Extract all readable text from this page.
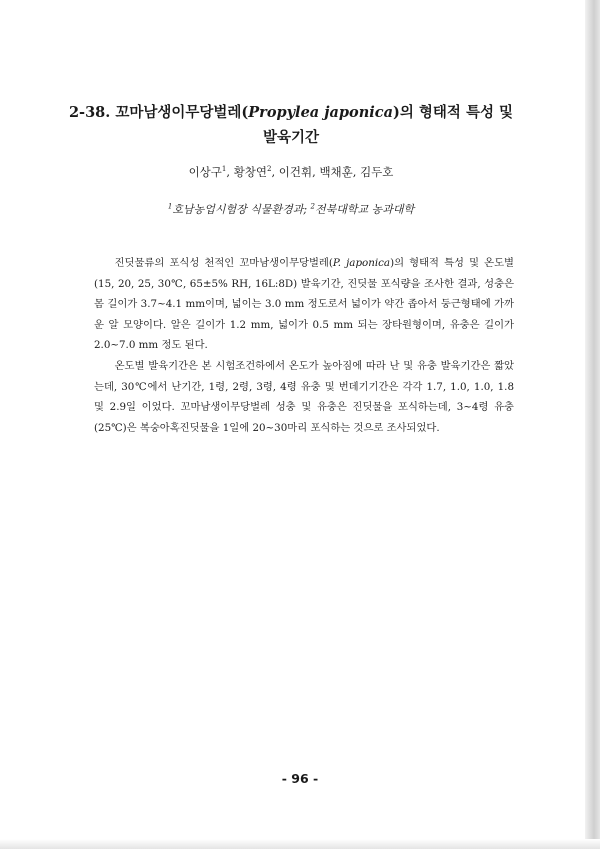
2-38. 꼬마남생이무당벌레(Propylea japonica)의 형태적 특성 및
발육기간

이상구$^1$, 황창연$^2$, 이건휘, 백채훈, 김두호

$^1$호남농업시험장 식물환경과; $^2$전북대학교 농과대학

진딧물류의 포식성 천적인 꼬마남생이무당벌레(P. japonica)의 형태적 특성 및 온도별(15, 20, 25, 30℃, 65±5% RH, 16L:8D) 발육기간, 진딧물 포식량을 조사한 결과, 성충은 몸 길이가 3.7~4.1 mm이며, 넓이는 3.0 mm 정도로서 넓이가 약간 좁아서 둥근형태에 가까운 알 모양이다. 알은 길이가 1.2 mm, 넓이가 0.5 mm 되는 장타원형이며, 유충은 길이가 2.0~7.0 mm 정도 된다.

온도별 발육기간은 본 시험조건하에서 온도가 높아짐에 따라 난 및 유충 발육기간은 짧았는데, 30℃에서 난기간, 1령, 2령, 3령, 4령 유충 및 번데기기간은 각각 1.7, 1.0, 1.0, 1.8 및 2.9일 이었다. 꼬마남생이무당벌레 성충 및 유충은 진딧물을 포식하는데, 3~4령 유충(25℃)은 복숭아혹진딧물을 1일에 20~30마리 포식하는 것으로 조사되었다.

- 96 -
